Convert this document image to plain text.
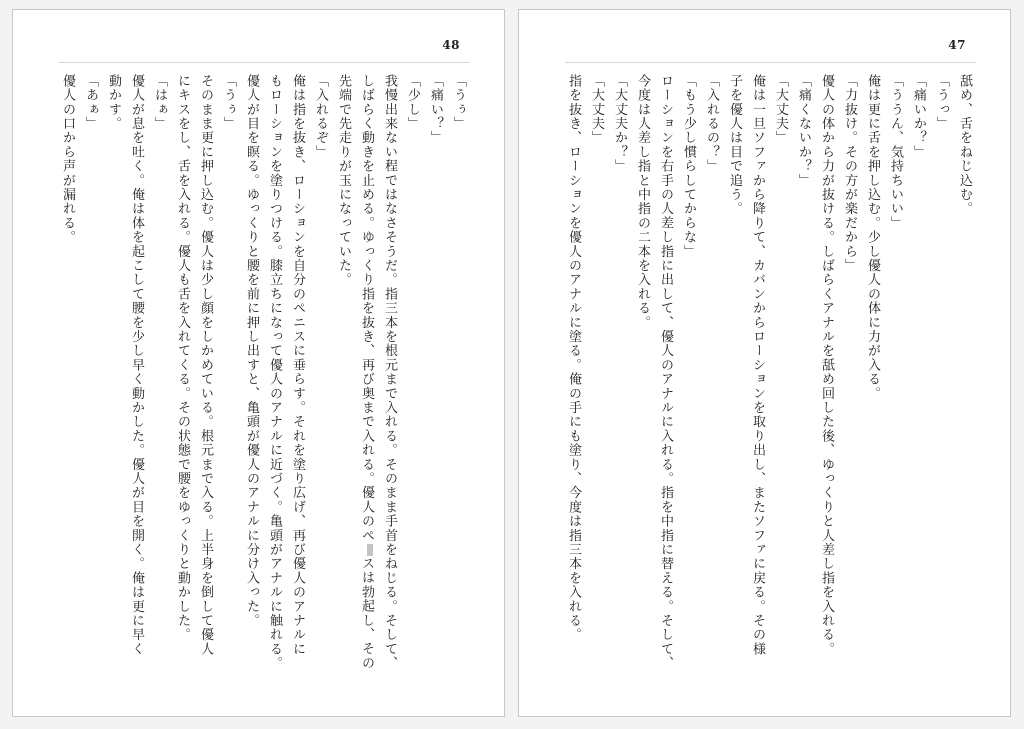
48
「うぅ」
「痛い？」
「少し」
我慢出来ない程ではなさそうだ。指三本を根元まで入れる。そのまま手首をねじる。そして、
しばらく動きを止める。ゆっくり指を抜き、再び奥まで入れる。優人のペスは勃起し、その
先端で先走りが玉になっていた。
「入れるぞ」
俺は指を抜き、ローションを自分のペニスに垂らす。それを塗り広げ、再び優人のアナルに
もローションを塗りつける。膝立ちになって優人のアナルに近づく。亀頭がアナルに触れる。
優人が目を瞑る。ゆっくりと腰を前に押し出すと、亀頭が優人のアナルに分け入った。
「うぅ」
そのまま更に押し込む。優人は少し顔をしかめている。根元まで入る。上半身を倒して優人
にキスをし、舌を入れる。優人も舌を入れてくる。その状態で腰をゆっくりと動かした。
「はぁ」
優人が息を吐く。俺は体を起こして腰を少し早く動かした。優人が目を開く。俺は更に早く
動かす。
「あぁ」
優人の口から声が漏れる。
47
舐め、舌をねじ込む。
「うっ」
「痛いか？」
「ううん、気持ちいい」
俺は更に舌を押し込む。少し優人の体に力が入る。
「力抜け。その方が楽だから」
優人の体から力が抜ける。しばらくアナルを舐め回した後、ゆっくりと人差し指を入れる。
「痛くないか？」
「大丈夫」
俺は一旦ソファから降りて、カバンからローションを取り出し、またソファに戻る。その様
子を優人は目で追う。
「入れるの？」
「もう少し慣らしてからな」
ローションを右手の人差し指に出して、優人のアナルに入れる。指を中指に替える。そして、
今度は人差し指と中指の二本を入れる。
「大丈夫か？」
「大丈夫」
指を抜き、ローションを優人のアナルに塗る。俺の手にも塗り、今度は指三本を入れる。
